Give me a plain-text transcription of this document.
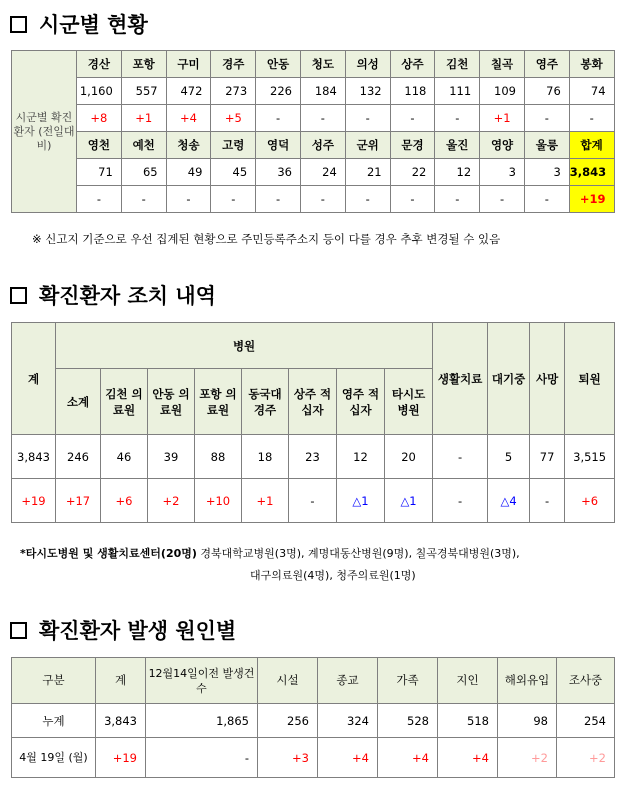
시군별 현황
시군별 확진환자 (전일대비)	경산	포항	구미	경주	안동	청도	의성	상주	김천	칠곡	영주	봉화
	1,160	557	472	273	226	184	132	118	111	109	76	74
	+8	+1	+4	+5	-	-	-	-	-	+1	-	-
	영천	예천	청송	고령	영덕	성주	군위	문경	울진	영양	울릉	합계
	71	65	49	45	36	24	21	22	12	3	3	3,843
	-	-	-	-	-	-	-	-	-	-	-	+19
※ 신고지 기준으로 우선 집계된 현황으로 주민등록주소지 등이 다를 경우 추후 변경될 수 있음
확진환자 조치 내역
계	병원								생활치료	대기중	사망	퇴원
	소계	김천 의료원	안동 의료원	포항 의료원	동국대 경주	상주 적십자	영주 적십자	타시도 병원				
3,843	246	46	39	88	18	23	12	20	-	5	77	3,515
+19	+17	+6	+2	+10	+1	-	△1	△1	-	△4	-	+6
*타시도병원 및 생활치료센터(20명) 경북대학교병원(3명), 계명대동산병원(9명), 칠곡경북대병원(3명),
대구의료원(4명), 청주의료원(1명)
확진환자 발생 원인별
구분	계	12월14일이전 발생건수	시설	종교	가족	지인	해외유입	조사중
누계	3,843	1,865	256	324	528	518	98	254
4월 19일 (월)	+19	-	+3	+4	+4	+4	+2	+2
